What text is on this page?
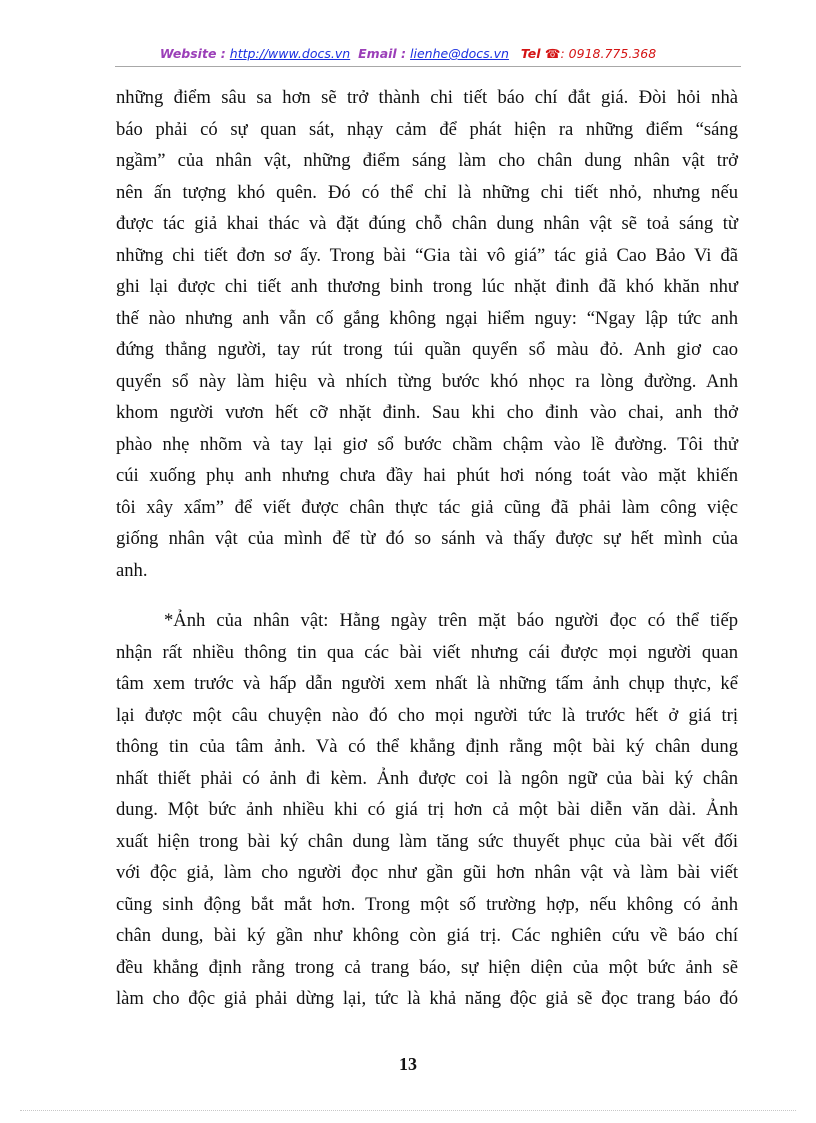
Website : http://www.docs.vn Email : lienhe@docs.vn Tel ☎: 0918.775.368
những điểm sâu sa hơn sẽ trở thành chi tiết báo chí đắt giá. Đòi hỏi nhà
báo phải có sự quan sát, nhạy cảm để phát hiện ra những điểm “sáng
ngầm” của nhân vật, những điểm sáng làm cho chân dung nhân vật trở
nên ấn tượng khó quên. Đó có thể chỉ là những chi tiết nhỏ, nhưng nếu
được tác giả khai thác và đặt đúng chỗ chân dung nhân vật sẽ toả sáng từ
những chi tiết đơn sơ ấy. Trong bài “Gia tài vô giá” tác giả Cao Bảo Vi đã
ghi lại được chi tiết anh thương binh trong lúc nhặt đinh đã khó khăn như
thế nào nhưng anh vẫn cố gắng không ngại hiểm nguy: “Ngay lập tức anh
đứng thẳng người, tay rút trong túi quần quyển sổ màu đỏ. Anh giơ cao
quyển sổ này làm hiệu và nhích từng bước khó nhọc ra lòng đường. Anh
khom người vươn hết cỡ nhặt đinh. Sau khi cho đinh vào chai, anh thở
phào nhẹ nhõm và tay lại giơ sổ bước chầm chậm vào lề đường. Tôi thử
cúi xuống phụ anh nhưng chưa đầy hai phút hơi nóng toát vào mặt khiến
tôi xây xẩm” để viết được chân thực tác giả cũng đã phải làm công việc
giống nhân vật của mình để từ đó so sánh và thấy được sự hết mình của
anh.
*Ảnh của nhân vật: Hằng ngày trên mặt báo người đọc có thể tiếp
nhận rất nhiều thông tin qua các bài viết nhưng cái được mọi người quan
tâm xem trước và hấp dẫn người xem nhất là những tấm ảnh chụp thực, kể
lại được một câu chuyện nào đó cho mọi người tức là trước hết ở giá trị
thông tin của tâm ảnh. Và có thể khẳng định rằng một bài ký chân dung
nhất thiết phải có ảnh đi kèm. Ảnh được coi là ngôn ngữ của bài ký chân
dung. Một bức ảnh nhiều khi có giá trị hơn cả một bài diễn văn dài. Ảnh
xuất hiện trong bài ký chân dung làm tăng sức thuyết phục của bài vết đối
với độc giả, làm cho người đọc như gần gũi hơn nhân vật và làm bài viết
cũng sinh động bắt mắt hơn. Trong một số trường hợp, nếu không có ảnh
chân dung, bài ký gần như không còn giá trị. Các nghiên cứu về báo chí
đều khẳng định rằng trong cả trang báo, sự hiện diện của một bức ảnh sẽ
làm cho độc giả phải dừng lại, tức là khả năng độc giả sẽ đọc trang báo đó
13
